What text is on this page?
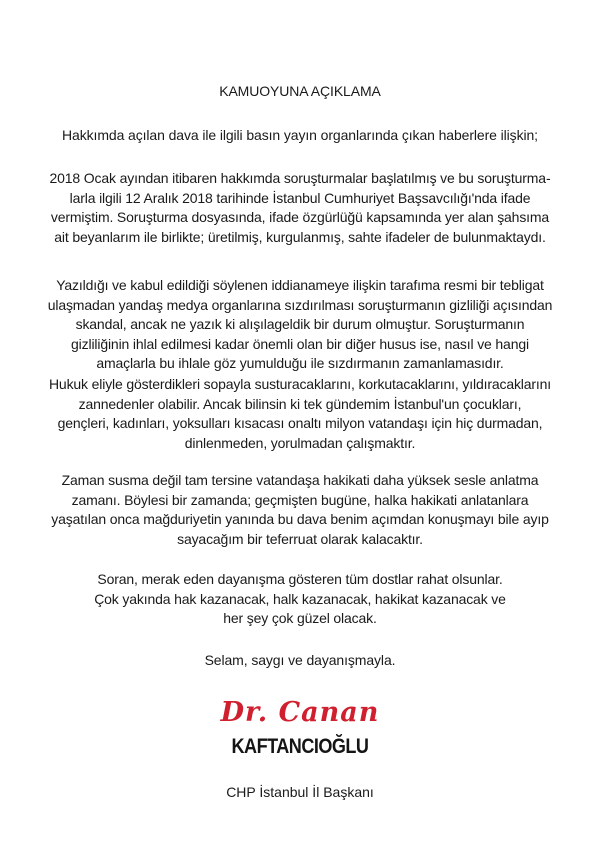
KAMUOYUNA AÇIKLAMA
Hakkımda açılan dava ile ilgili basın yayın organlarında çıkan haberlere ilişkin;
2018 Ocak ayından itibaren hakkımda soruşturmalar başlatılmış ve bu soruşturma-
larla ilgili 12 Aralık 2018 tarihinde İstanbul Cumhuriyet Başsavcılığı'nda ifade
vermiştim. Soruşturma dosyasında, ifade özgürlüğü kapsamında yer alan şahsıma
ait beyanlarım ile birlikte; üretilmiş, kurgulanmış, sahte ifadeler de bulunmaktaydı.
Yazıldığı ve kabul edildiği söylenen iddianameye ilişkin tarafıma resmi bir tebligat
ulaşmadan yandaş medya organlarına sızdırılması soruşturmanın gizliliği açısından
skandal, ancak ne yazık ki alışılageldik bir durum olmuştur. Soruşturmanın
gizliliğinin ihlal edilmesi kadar önemli olan bir diğer husus ise, nasıl ve hangi
amaçlarla bu ihlale göz yumulduğu ile sızdırmanın zamanlamasıdır.
Hukuk eliyle gösterdikleri sopayla susturacaklarını, korkutacaklarını, yıldıracaklarını
zannedenler olabilir. Ancak bilinsin ki tek gündemim İstanbul'un çocukları,
gençleri, kadınları, yoksulları kısacası onaltı milyon vatandaşı için hiç durmadan,
dinlenmeden, yorulmadan çalışmaktır.
Zaman susma değil tam tersine vatandaşa hakikati daha yüksek sesle anlatma
zamanı. Böylesi bir zamanda; geçmişten bugüne, halka hakikati anlatanlara
yaşatılan onca mağduriyetin yanında bu dava benim açımdan konuşmayı bile ayıp
sayacağım bir teferruat olarak kalacaktır.
Soran, merak eden dayanışma gösteren tüm dostlar rahat olsunlar.
Çok yakında hak kazanacak, halk kazanacak, hakikat kazanacak ve
her şey çok güzel olacak.
Selam, saygı ve dayanışmayla.
Dr. Canan
KAFTANCIOĞLU
CHP İstanbul İl Başkanı
